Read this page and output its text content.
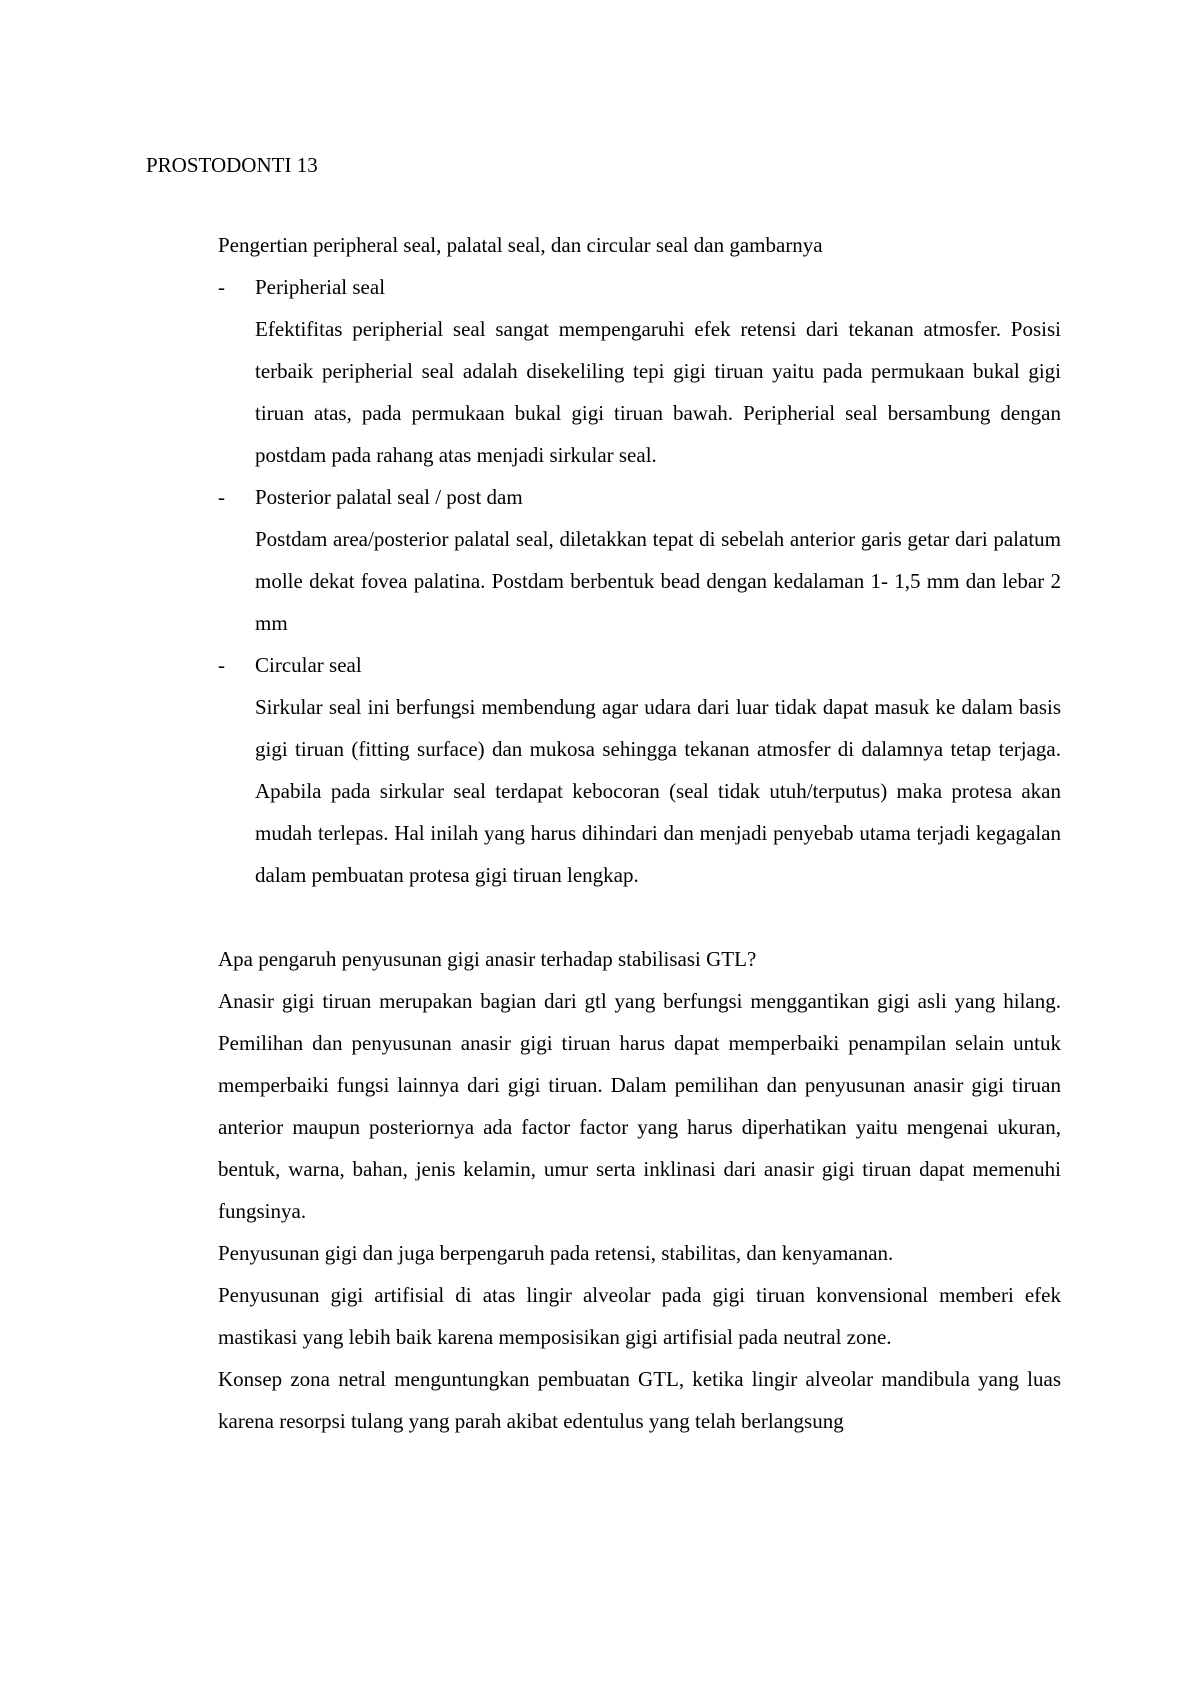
PROSTODONTI 13

Pengertian peripheral seal, palatal seal, dan circular seal dan gambarnya

- Peripherial seal

Efektifitas peripherial seal sangat mempengaruhi efek retensi dari tekanan atmosfer. Posisi terbaik peripherial seal adalah disekeliling tepi gigi tiruan yaitu pada permukaan bukal gigi tiruan atas, pada permukaan bukal gigi tiruan bawah. Peripherial seal bersambung dengan postdam pada rahang atas menjadi sirkular seal.

- Posterior palatal seal / post dam

Postdam area/posterior palatal seal, diletakkan tepat di sebelah anterior garis getar dari palatum molle dekat fovea palatina. Postdam berbentuk bead dengan kedalaman 1- 1,5 mm dan lebar 2 mm

- Circular seal

Sirkular seal ini berfungsi membendung agar udara dari luar tidak dapat masuk ke dalam basis gigi tiruan (fitting surface) dan mukosa sehingga tekanan atmosfer di dalamnya tetap terjaga. Apabila pada sirkular seal terdapat kebocoran (seal tidak utuh/terputus) maka protesa akan mudah terlepas. Hal inilah yang harus dihindari dan menjadi penyebab utama terjadi kegagalan dalam pembuatan protesa gigi tiruan lengkap.

Apa pengaruh penyusunan gigi anasir terhadap stabilisasi GTL?

Anasir gigi tiruan merupakan bagian dari gtl yang berfungsi menggantikan gigi asli yang hilang. Pemilihan dan penyusunan anasir gigi tiruan harus dapat memperbaiki penampilan selain untuk memperbaiki fungsi lainnya dari gigi tiruan. Dalam pemilihan dan penyusunan anasir gigi tiruan anterior maupun posteriornya ada factor factor yang harus diperhatikan yaitu mengenai ukuran, bentuk, warna, bahan, jenis kelamin, umur serta inklinasi dari anasir gigi tiruan dapat memenuhi fungsinya.

Penyusunan gigi dan juga berpengaruh pada retensi, stabilitas, dan kenyamanan.

Penyusunan gigi artifisial di atas lingir alveolar pada gigi tiruan konvensional memberi efek mastikasi yang lebih baik karena memposisikan gigi artifisial pada neutral zone.

Konsep zona netral menguntungkan pembuatan GTL, ketika lingir alveolar mandibula yang luas karena resorpsi tulang yang parah akibat edentulus yang telah berlangsung
